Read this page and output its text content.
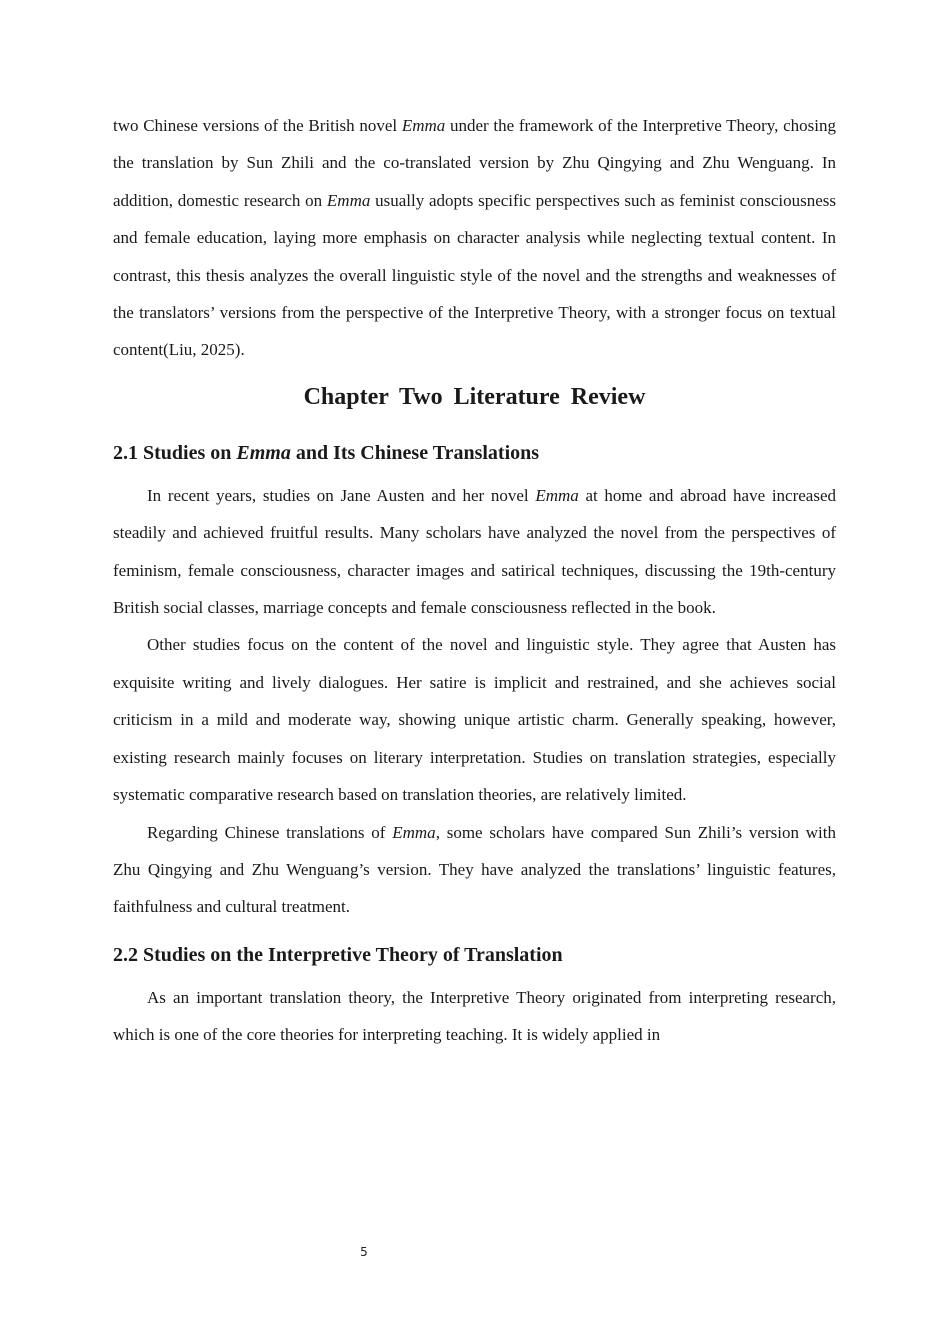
two Chinese versions of the British novel Emma under the framework of the Interpretive Theory, chosing the translation by Sun Zhili and the co-translated version by Zhu Qingying and Zhu Wenguang. In addition, domestic research on Emma usually adopts specific perspectives such as feminist consciousness and female education, laying more emphasis on character analysis while neglecting textual content. In contrast, this thesis analyzes the overall linguistic style of the novel and the strengths and weaknesses of the translators’ versions from the perspective of the Interpretive Theory, with a stronger focus on textual content(Liu, 2025).

Chapter Two Literature Review
2.1 Studies on Emma and Its Chinese Translations

In recent years, studies on Jane Austen and her novel Emma at home and abroad have increased steadily and achieved fruitful results. Many scholars have analyzed the novel from the perspectives of feminism, female consciousness, character images and satirical techniques, discussing the 19th-century British social classes, marriage concepts and female consciousness reflected in the book.

Other studies focus on the content of the novel and linguistic style. They agree that Austen has exquisite writing and lively dialogues. Her satire is implicit and restrained, and she achieves social criticism in a mild and moderate way, showing unique artistic charm. Generally speaking, however, existing research mainly focuses on literary interpretation. Studies on translation strategies, especially systematic comparative research based on translation theories, are relatively limited.

Regarding Chinese translations of Emma, some scholars have compared Sun Zhili’s version with Zhu Qingying and Zhu Wenguang’s version. They have analyzed the translations’ linguistic features, faithfulness and cultural treatment.

2.2 Studies on the Interpretive Theory of Translation

As an important translation theory, the Interpretive Theory originated from interpreting research, which is one of the core theories for interpreting teaching. It is widely applied in

5
